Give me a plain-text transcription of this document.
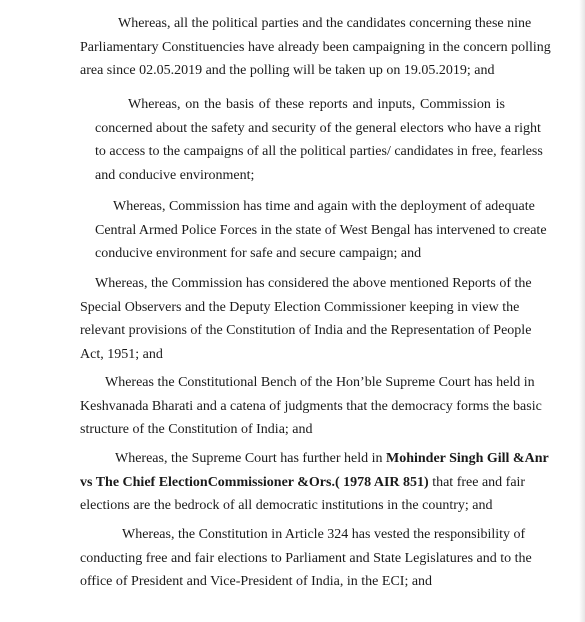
Whereas, all the political parties and the candidates concerning these nine
Parliamentary Constituencies have already been campaigning in the concern polling
area since 02.05.2019 and the polling will be taken up on 19.05.2019; and
Whereas, on the basis of these reports and inputs, Commission is
concerned about the safety and security of the general electors who have a right
to access to the campaigns of all the political parties/ candidates in free, fearless
and conducive environment;
Whereas, Commission has time and again with the deployment of adequate
Central Armed Police Forces in the state of West Bengal has intervened to create
conducive environment for safe and secure campaign; and
Whereas, the Commission has considered the above mentioned Reports of the
Special Observers and the Deputy Election Commissioner keeping in view the
relevant provisions of the Constitution of India and the Representation of People
Act, 1951; and
Whereas the Constitutional Bench of the Hon’ble Supreme Court has held in
Keshvanada Bharati and a catena of judgments that the democracy forms the basic
structure of the Constitution of India; and
Whereas, the Supreme Court has further held in Mohinder Singh Gill &Anr
vs The Chief ElectionCommissioner &Ors.( 1978 AIR 851) that free and fair
elections are the bedrock of all democratic institutions in the country; and
Whereas, the Constitution in Article 324 has vested the responsibility of
conducting free and fair elections to Parliament and State Legislatures and to the
office of President and Vice-President of India, in the ECI; and
